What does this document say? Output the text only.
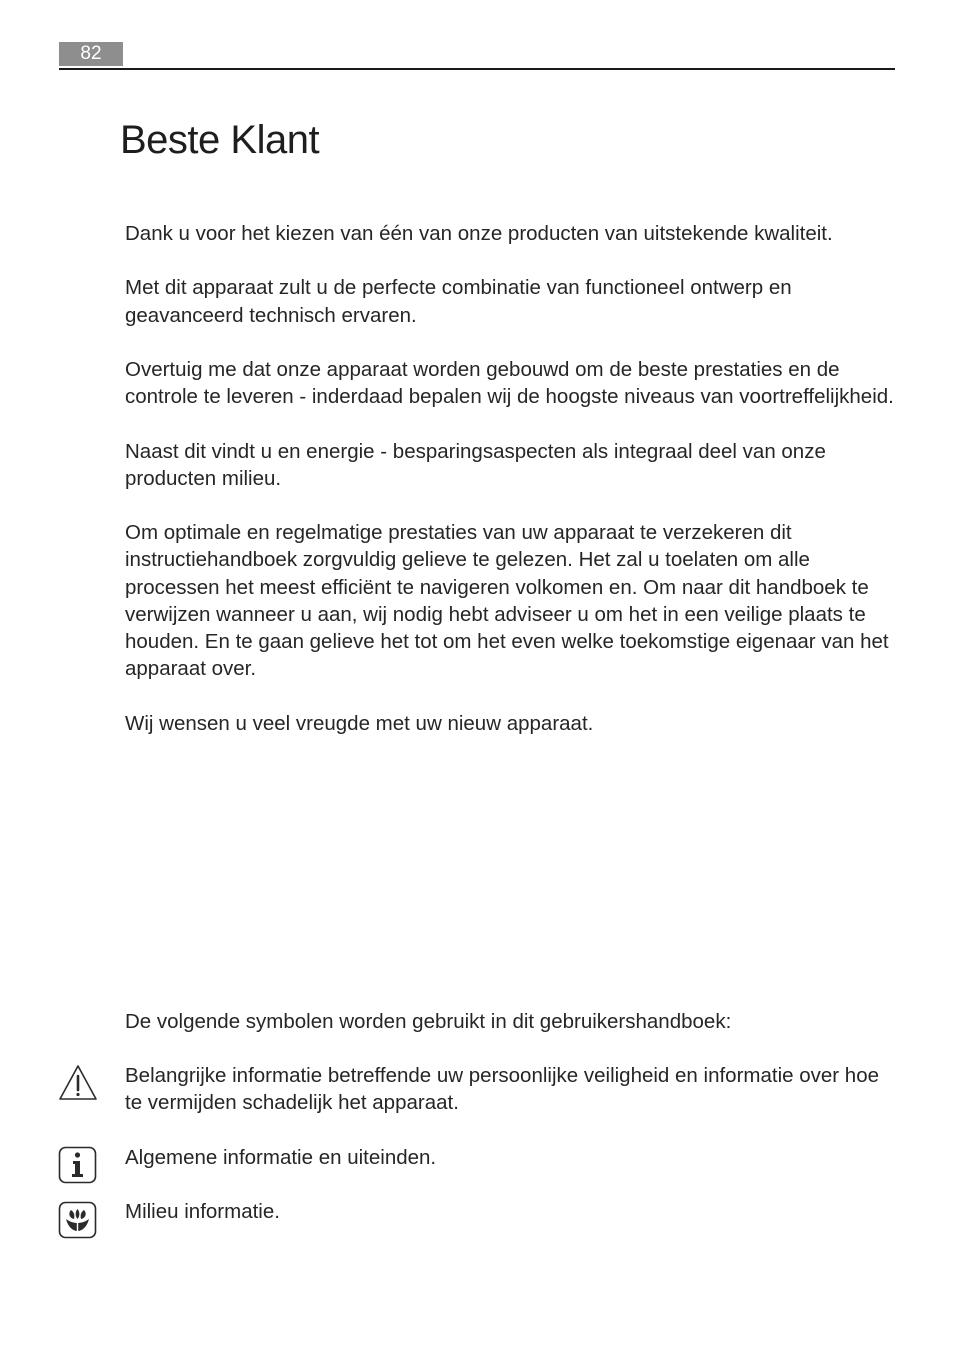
82
Beste Klant

Dank u voor het kiezen van één van onze producten van uitstekende kwaliteit.

Met dit apparaat zult u de perfecte combinatie van functioneel ontwerp en geavanceerd technisch ervaren.

Overtuig me dat onze apparaat worden gebouwd om de beste prestaties en de controle te leveren - inderdaad bepalen wij de hoogste niveaus van voortreffelijkheid.

Naast dit vindt u en energie - besparingsaspecten als integraal deel van onze producten milieu.

Om optimale en regelmatige prestaties van uw apparaat te verzekeren dit instructiehandboek zorgvuldig gelieve te gelezen. Het zal u toelaten om alle processen het meest efficiënt te navigeren volkomen en. Om naar dit handboek te verwijzen wanneer u aan, wij nodig hebt adviseer u om het in een veilige plaats te houden. En te gaan gelieve het tot om het even welke toekomstige eigenaar van het apparaat over.

Wij wensen u veel vreugde met uw nieuw apparaat.

De volgende symbolen worden gebruikt in dit gebruikershandboek:

Belangrijke informatie betreffende uw persoonlijke veiligheid en informatie over hoe te vermijden schadelijk het apparaat.

Algemene informatie en uiteinden.

Milieu informatie.
